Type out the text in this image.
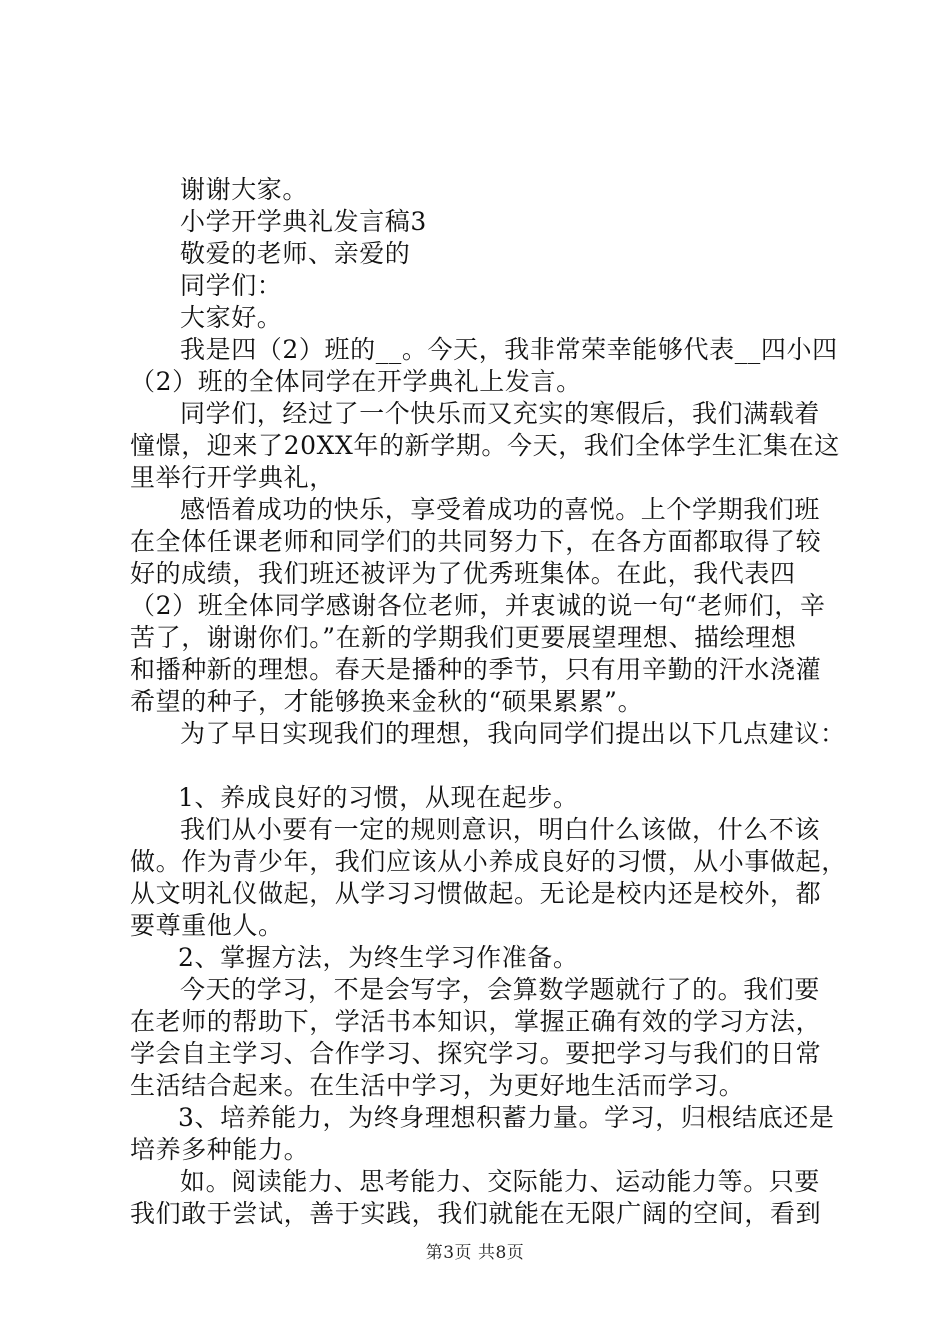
谢谢大家。
小学开学典礼发言稿3
敬爱的老师、亲爱的
同学们：
大家好。
我是四（2）班的__。今天，我非常荣幸能够代表__四小四
（2）班的全体同学在开学典礼上发言。
同学们，经过了一个快乐而又充实的寒假后，我们满载着
憧憬，迎来了20XX年的新学期。今天，我们全体学生汇集在这
里举行开学典礼，
感悟着成功的快乐，享受着成功的喜悦。上个学期我们班
在全体任课老师和同学们的共同努力下，在各方面都取得了较
好的成绩，我们班还被评为了优秀班集体。在此，我代表四
（2）班全体同学感谢各位老师，并衷诚的说一句“老师们，辛
苦了，谢谢你们。”在新的学期我们更要展望理想、描绘理想
和播种新的理想。春天是播种的季节，只有用辛勤的汗水浇灌
希望的种子，才能够换来金秋的“硕果累累”。
为了早日实现我们的理想，我向同学们提出以下几点建议：
1、养成良好的习惯，从现在起步。
我们从小要有一定的规则意识，明白什么该做，什么不该
做。作为青少年，我们应该从小养成良好的习惯，从小事做起，
从文明礼仪做起，从学习习惯做起。无论是校内还是校外，都
要尊重他人。
2、掌握方法，为终生学习作准备。
今天的学习，不是会写字，会算数学题就行了的。我们要
在老师的帮助下，学活书本知识，掌握正确有效的学习方法，
学会自主学习、合作学习、探究学习。要把学习与我们的日常
生活结合起来。在生活中学习，为更好地生活而学习。
3、培养能力，为终身理想积蓄力量。学习，归根结底还是
培养多种能力。
如。阅读能力、思考能力、交际能力、运动能力等。只要
我们敢于尝试，善于实践，我们就能在无限广阔的空间，看到
第3页 共8页
